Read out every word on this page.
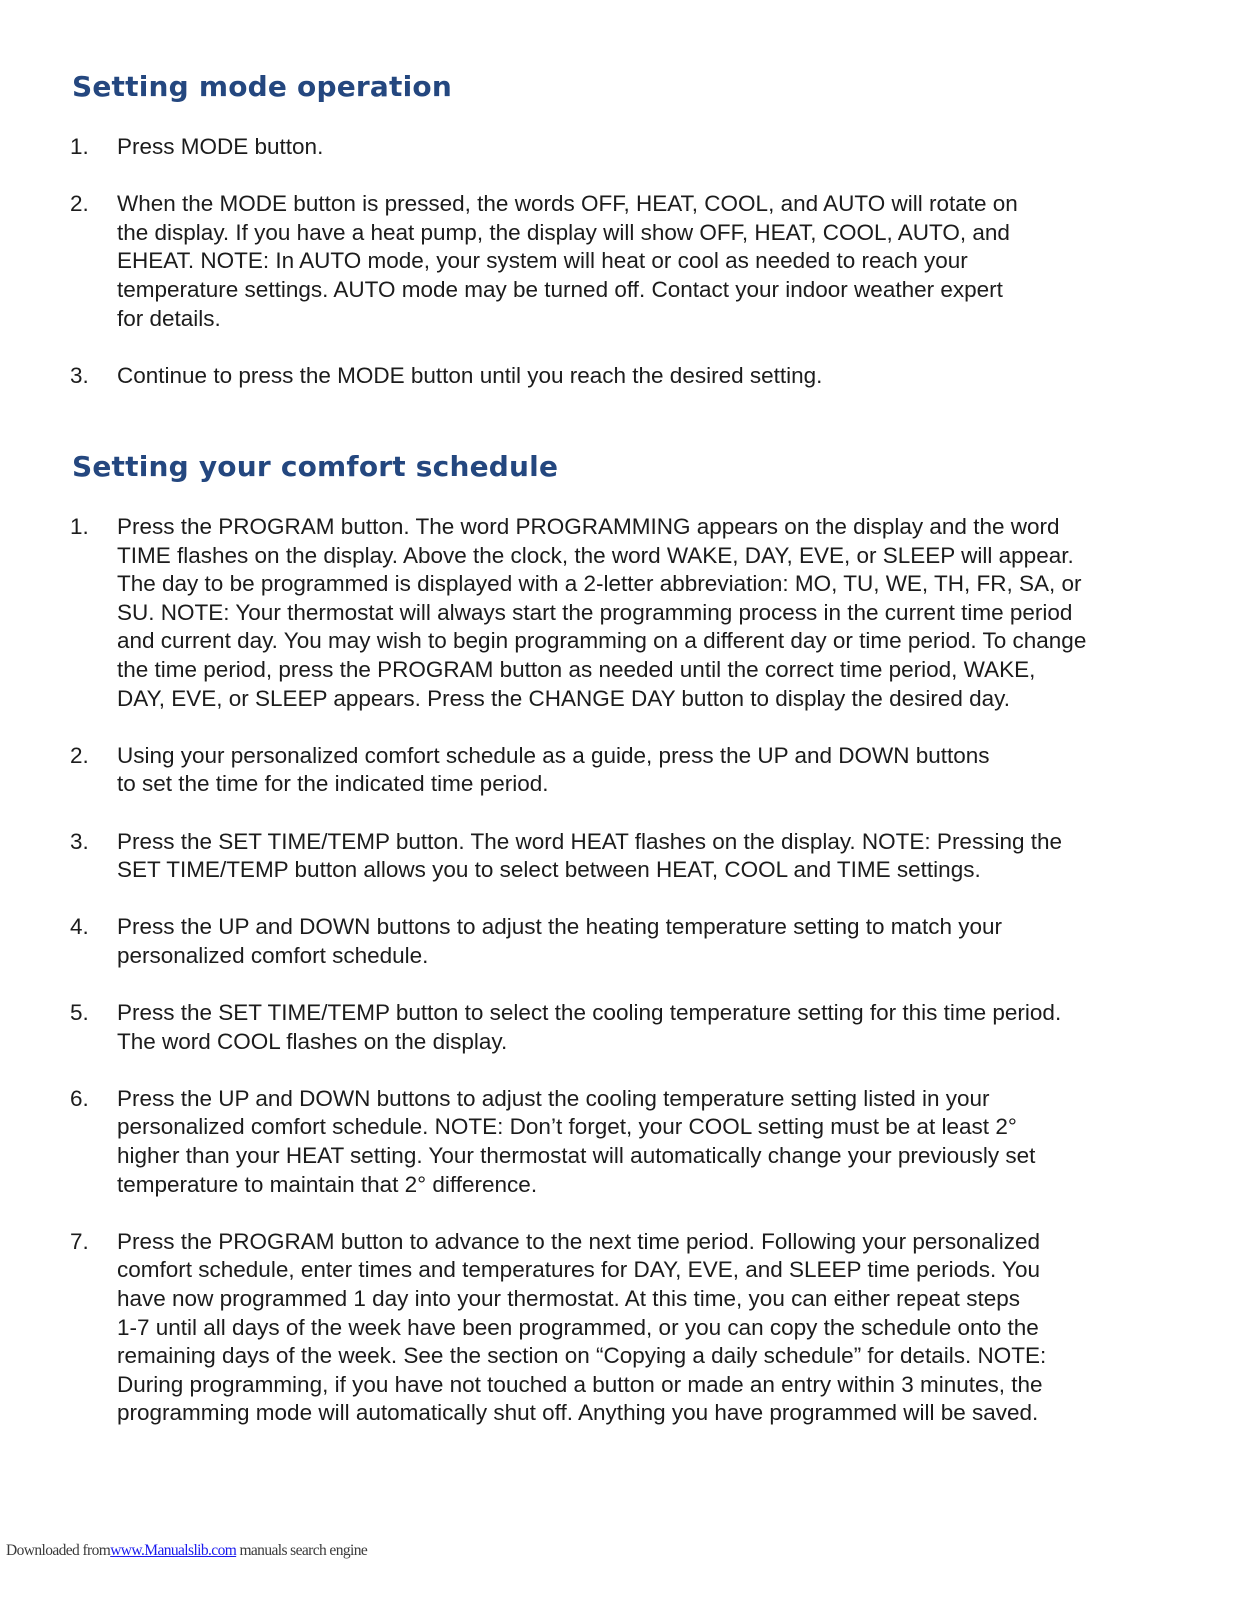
Setting mode operation
1. Press MODE button.
2. When the MODE button is pressed, the words OFF, HEAT, COOL, and AUTO will rotate on
the display. If you have a heat pump, the display will show OFF, HEAT, COOL, AUTO, and
EHEAT. NOTE: In AUTO mode, your system will heat or cool as needed to reach your
temperature settings. AUTO mode may be turned off. Contact your indoor weather expert
for details.
3. Continue to press the MODE button until you reach the desired setting.
Setting your comfort schedule
1. Press the PROGRAM button. The word PROGRAMMING appears on the display and the word
TIME flashes on the display. Above the clock, the word WAKE, DAY, EVE, or SLEEP will appear.
The day to be programmed is displayed with a 2-letter abbreviation: MO, TU, WE, TH, FR, SA, or
SU. NOTE: Your thermostat will always start the programming process in the current time period
and current day. You may wish to begin programming on a different day or time period. To change
the time period, press the PROGRAM button as needed until the correct time period, WAKE,
DAY, EVE, or SLEEP appears. Press the CHANGE DAY button to display the desired day.
2. Using your personalized comfort schedule as a guide, press the UP and DOWN buttons
to set the time for the indicated time period.
3. Press the SET TIME/TEMP button. The word HEAT flashes on the display. NOTE: Pressing the
SET TIME/TEMP button allows you to select between HEAT, COOL and TIME settings.
4. Press the UP and DOWN buttons to adjust the heating temperature setting to match your
personalized comfort schedule.
5. Press the SET TIME/TEMP button to select the cooling temperature setting for this time period.
The word COOL flashes on the display.
6. Press the UP and DOWN buttons to adjust the cooling temperature setting listed in your
personalized comfort schedule. NOTE: Don’t forget, your COOL setting must be at least 2°
higher than your HEAT setting. Your thermostat will automatically change your previously set
temperature to maintain that 2° difference.
7. Press the PROGRAM button to advance to the next time period. Following your personalized
comfort schedule, enter times and temperatures for DAY, EVE, and SLEEP time periods. You
have now programmed 1 day into your thermostat. At this time, you can either repeat steps
1-7 until all days of the week have been programmed, or you can copy the schedule onto the
remaining days of the week. See the section on “Copying a daily schedule” for details. NOTE:
During programming, if you have not touched a button or made an entry within 3 minutes, the
programming mode will automatically shut off. Anything you have programmed will be saved.
Downloaded fromwww.Manualslib.com manuals search engine
